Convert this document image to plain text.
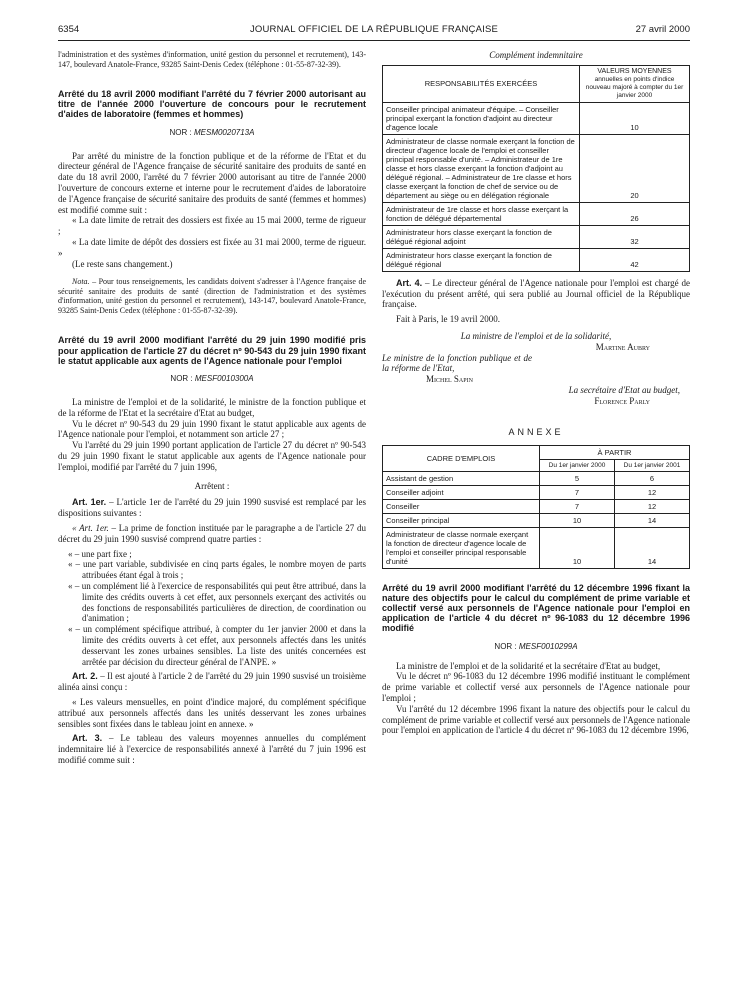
6354	JOURNAL OFFICIEL DE LA RÉPUBLIQUE FRANÇAISE	27 avril 2000

l'administration et des systèmes d'information, unité gestion du personnel et recrutement), 143-147, boulevard Anatole-France, 93285 Saint-Denis Cedex (téléphone : 01-55-87-32-39).

Arrêté du 18 avril 2000 modifiant l'arrêté du 7 février 2000 autorisant au titre de l'année 2000 l'ouverture de concours pour le recrutement d'aides de laboratoire (femmes et hommes)

NOR : MESM0020713A

Par arrêté du ministre de la fonction publique et de la réforme de l'Etat et du directeur général de l'Agence française de sécurité sanitaire des produits de santé en date du 18 avril 2000, l'arrêté du 7 février 2000 autorisant au titre de l'année 2000 l'ouverture de concours externe et interne pour le recrutement d'aides de laboratoire de l'Agence française de sécurité sanitaire des produits de santé (femmes et hommes) est modifié comme suit :

« La date limite de retrait des dossiers est fixée au 15 mai 2000, terme de rigueur ;

« La date limite de dépôt des dossiers est fixée au 31 mai 2000, terme de rigueur. »

(Le reste sans changement.)

Nota. – Pour tous renseignements, les candidats doivent s'adresser à l'Agence française de sécurité sanitaire des produits de santé (direction de l'administration et des systèmes d'information, unité gestion du personnel et recrutement), 143-147, boulevard Anatole-France, 93285 Saint-Denis Cedex (téléphone : 01-55-87-32-39).

Arrêté du 19 avril 2000 modifiant l'arrêté du 29 juin 1990 modifié pris pour application de l'article 27 du décret nº 90-543 du 29 juin 1990 fixant le statut applicable aux agents de l'Agence nationale pour l'emploi

NOR : MESF0010300A

La ministre de l'emploi et de la solidarité, le ministre de la fonction publique et de la réforme de l'Etat et la secrétaire d'Etat au budget,

Vu le décret nº 90-543 du 29 juin 1990 fixant le statut applicable aux agents de l'Agence nationale pour l'emploi, et notamment son article 27 ;

Vu l'arrêté du 29 juin 1990 portant application de l'article 27 du décret nº 90-543 du 29 juin 1990 fixant le statut applicable aux agents de l'Agence nationale pour l'emploi, modifié par l'arrêté du 7 juin 1996,

Arrêtent :

Art. 1er. – L'article 1er de l'arrêté du 29 juin 1990 susvisé est remplacé par les dispositions suivantes :

« Art. 1er. – La prime de fonction instituée par le paragraphe a de l'article 27 du décret du 29 juin 1990 susvisé comprend quatre parties :

« – une part fixe ;

« – une part variable, subdivisée en cinq parts égales, le nombre moyen de parts attribuées étant égal à trois ;

« – un complément lié à l'exercice de responsabilités qui peut être attribué, dans la limite des crédits ouverts à cet effet, aux personnels exerçant des activités ou des fonctions de responsabilités particulières de direction, de coordination ou d'animation ;

« – un complément spécifique attribué, à compter du 1er janvier 2000 et dans la limite des crédits ouverts à cet effet, aux personnels affectés dans les unités desservant les zones urbaines sensibles. La liste des unités concernées est arrêtée par décision du directeur général de l'ANPE. »

Art. 2. – Il est ajouté à l'article 2 de l'arrêté du 29 juin 1990 susvisé un troisième alinéa ainsi conçu :

« Les valeurs mensuelles, en point d'indice majoré, du complément spécifique attribué aux personnels affectés dans les unités desservant les zones urbaines sensibles sont fixées dans le tableau joint en annexe. »

Art. 3. – Le tableau des valeurs moyennes annuelles du complément indemnitaire lié à l'exercice de responsabilités annexé à l'arrêté du 7 juin 1996 est modifié comme suit :

Complément indemnitaire

RESPONSABILITÉS EXERCÉES	VALEURS MOYENNES
annuelles en points d'indice nouveau majoré à compter du 1er janvier 2000

Conseiller principal animateur d'équipe. – Conseiller principal exerçant la fonction d'adjoint au directeur d'agence locale	10
Administrateur de classe normale exerçant la fonction de directeur d'agence locale de l'emploi et conseiller principal responsable d'unité. – Administrateur de 1re classe et hors classe exerçant la fonction d'adjoint au délégué régional. – Administrateur de 1re classe et hors classe exerçant la fonction de chef de service ou de département au siège ou en délégation régionale	20
Administrateur de 1re classe et hors classe exerçant la fonction de délégué départemental	26
Administrateur hors classe exerçant la fonction de délégué régional adjoint	32
Administrateur hors classe exerçant la fonction de délégué régional	42

Art. 4. – Le directeur général de l'Agence nationale pour l'emploi est chargé de l'exécution du présent arrêté, qui sera publié au Journal officiel de la République française.

Fait à Paris, le 19 avril 2000.

La ministre de l'emploi et de la solidarité,

Martine Aubry

Le ministre de la fonction publique et de la réforme de l'Etat,

Michel Sapin

La secrétaire d'Etat au budget,

Florence Parly

ANNEXE
CADRE D'EMPLOIS	À PARTIR	
	Du 1er janvier 2000	Du 1er janvier 2001
Assistant de gestion	5	6
Conseiller adjoint	7	12
Conseiller	7	12
Conseiller principal	10	14
Administrateur de classe normale exerçant la fonction de directeur d'agence locale de l'emploi et conseiller principal responsable d'unité	10	14

Arrêté du 19 avril 2000 modifiant l'arrêté du 12 décembre 1996 fixant la nature des objectifs pour le calcul du complément de prime variable et collectif versé aux personnels de l'Agence nationale pour l'emploi en application de l'article 4 du décret nº 96-1083 du 12 décembre 1996 modifié

NOR : MESF0010299A

La ministre de l'emploi et de la solidarité et la secrétaire d'Etat au budget,

Vu le décret nº 96-1083 du 12 décembre 1996 modifié instituant le complément de prime variable et collectif versé aux personnels de l'Agence nationale pour l'emploi ;

Vu l'arrêté du 12 décembre 1996 fixant la nature des objectifs pour le calcul du complément de prime variable et collectif versé aux personnels de l'Agence nationale pour l'emploi en application de l'article 4 du décret nº 96-1083 du 12 décembre 1996,
